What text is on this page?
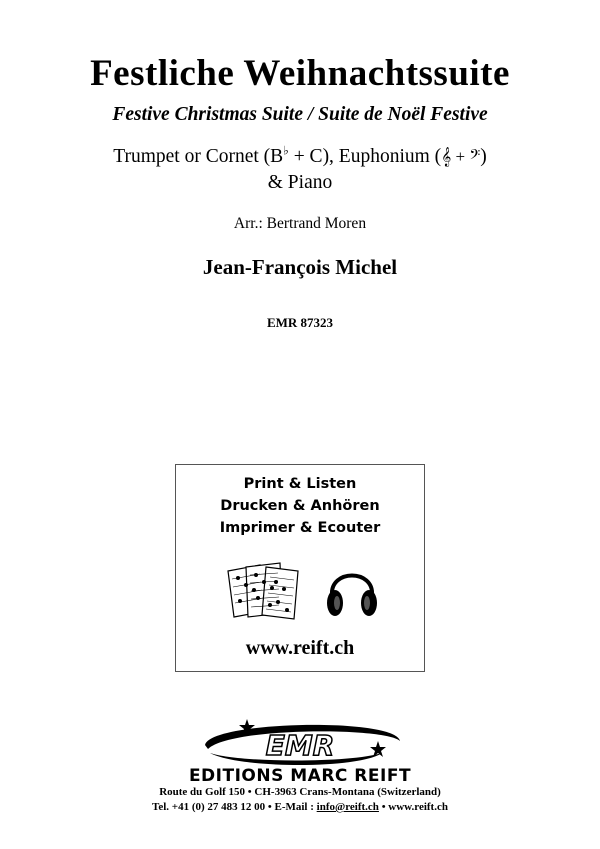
Festliche Weihnachtssuite
Festive Christmas Suite / Suite de Noël Festive
Trumpet or Cornet (B♭ + C), Euphonium (𝄞 + 𝄢)
& Piano
Arr.: Bertrand Moren
Jean-François Michel
EMR 87323
Print & Listen
Drucken & Anhören
Imprimer & Ecouter
www.reift.ch
EMR
EDITIONS MARC REIFT
Route du Golf 150 • CH-3963 Crans-Montana (Switzerland)
Tel. +41 (0) 27 483 12 00 • E-Mail : info@reift.ch • www.reift.ch
